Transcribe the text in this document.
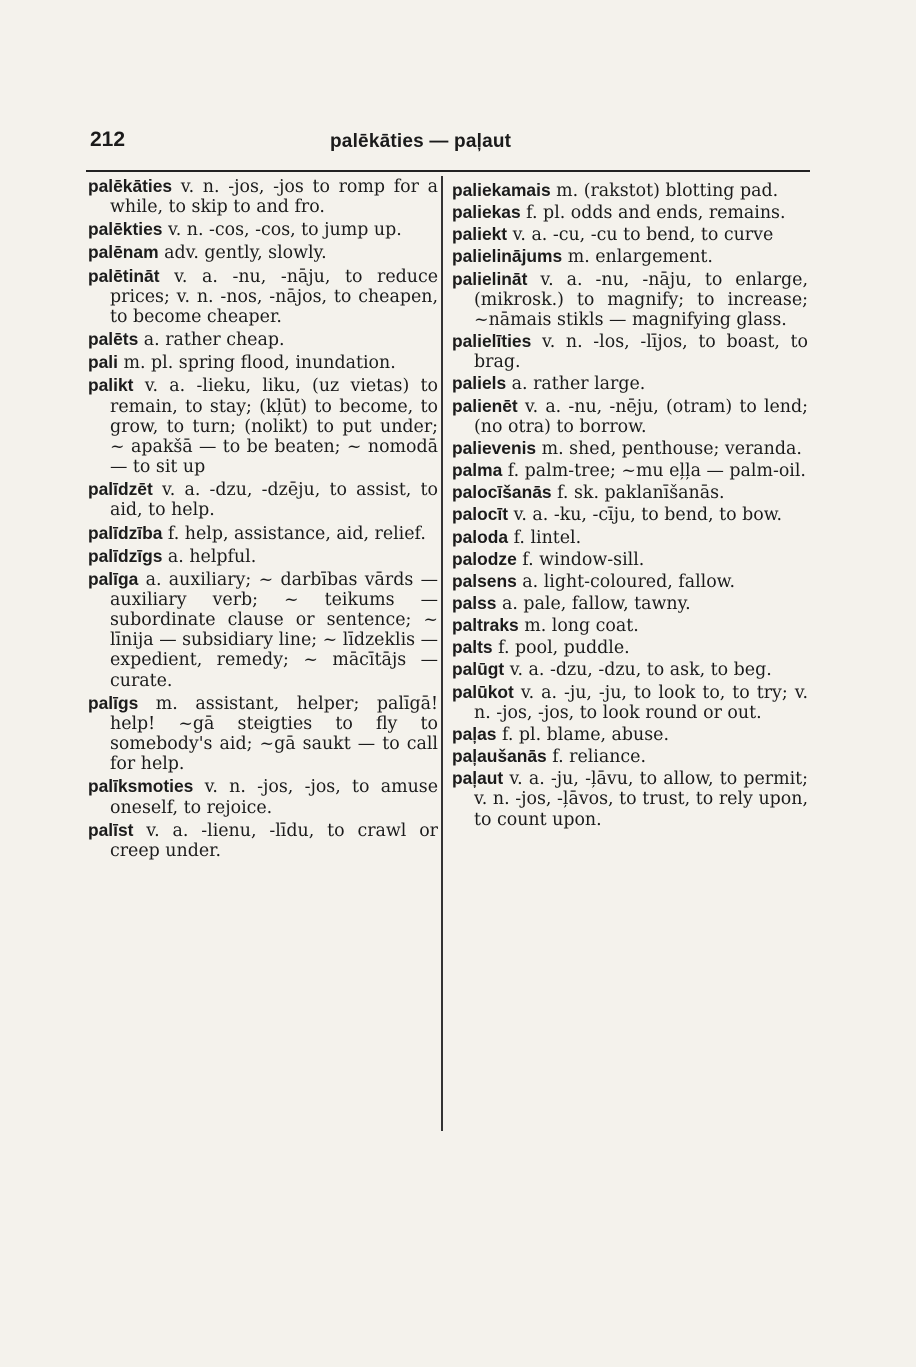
212	palēkāties — paļaut

palēkāties v. n. -jos, -jos to romp for a while, to skip to and fro.

palēkties v. n. -cos, -cos, to jump up.

palēnam adv. gently, slowly.

palētināt v. a. -nu, -nāju, to reduce prices; v. n. -nos, -nājos, to cheapen, to become cheaper.

palēts a. rather cheap.

pali m. pl. spring flood, inundation.

palikt v. a. -lieku, liku, (uz vietas) to remain, to stay; (kļūt) to become, to grow, to turn; (nolikt) to put under; ~ apakšā — to be beaten; ~ nomodā — to sit up

palīdzēt v. a. -dzu, -dzēju, to assist, to aid, to help.

palīdzība f. help, assistance, aid, relief.

palīdzīgs a. helpful.

palīga a. auxiliary; ~ darbības vārds — auxiliary verb; ~ teikums — subordinate clause or sentence; ~ līnija — subsidiary line; ~ līdzeklis — expedient, remedy; ~ mācītājs — curate.

palīgs m. assistant, helper; palīgā! help! ~gā steigties to fly to somebody's aid; ~gā saukt — to call for help.

palīksmoties v. n. -jos, -jos, to amuse oneself, to rejoice.

palīst v. a. -lienu, -līdu, to crawl or creep under.

paliekamais m. (rakstot) blotting pad.

paliekas f. pl. odds and ends, remains.

paliekt v. a. -cu, -cu to bend, to curve

palielinājums m. enlargement.

palielināt v. a. -nu, -nāju, to enlarge, (mikrosk.) to magnify; to increase; ~nāmais stikls — magnifying glass.

palielīties v. n. -los, -lījos, to boast, to brag.

paliels a. rather large.

palienēt v. a. -nu, -nēju, (otram) to lend; (no otra) to borrow.

palievenis m. shed, penthouse; veranda.

palma f. palm-tree; ~mu eļļa — palm-oil.

palocīšanās f. sk. paklanīšanās.

palocīt v. a. -ku, -cīju, to bend, to bow.

paloda f. lintel.

palodze f. window-sill.

palsens a. light-coloured, fallow.

palss a. pale, fallow, tawny.

paltraks m. long coat.

palts f. pool, puddle.

palūgt v. a. -dzu, -dzu, to ask, to beg.

palūkot v. a. -ju, -ju, to look to, to try; v. n. -jos, -jos, to look round or out.

paļas f. pl. blame, abuse.

paļaušanās f. reliance.

paļaut v. a. -ju, -ļāvu, to allow, to permit; v. n. -jos, -ļāvos, to trust, to rely upon, to count upon.
